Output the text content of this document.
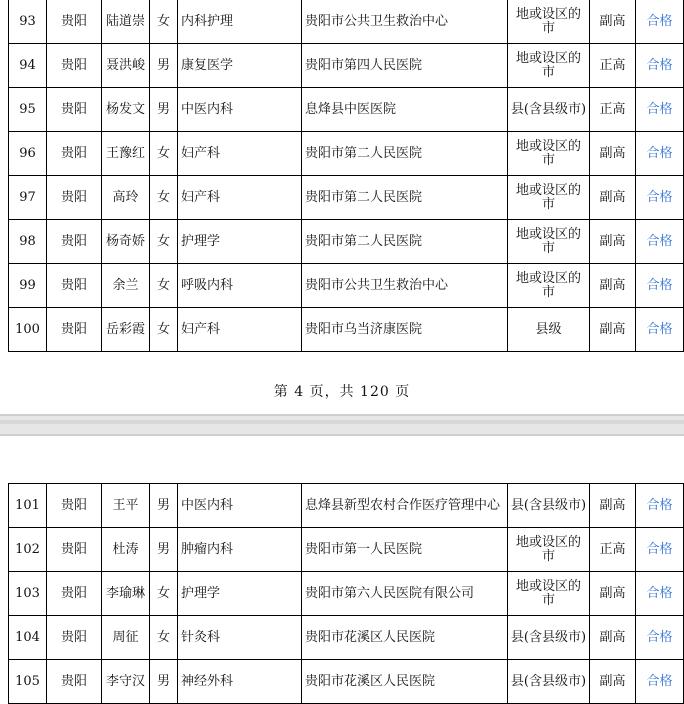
93	贵阳	陆道崇	女	内科护理	贵阳市公共卫生救治中心	地或设区的市	副高	合格
94	贵阳	聂洪峻	男	康复医学	贵阳市第四人民医院	地或设区的市	正高	合格
95	贵阳	杨发文	男	中医内科	息烽县中医医院	县(含县级市)	正高	合格
96	贵阳	王豫红	女	妇产科	贵阳市第二人民医院	地或设区的市	副高	合格
97	贵阳	高玲	女	妇产科	贵阳市第二人民医院	地或设区的市	副高	合格
98	贵阳	杨奇娇	女	护理学	贵阳市第二人民医院	地或设区的市	副高	合格
99	贵阳	余兰	女	呼吸内科	贵阳市公共卫生救治中心	地或设区的市	副高	合格
100	贵阳	岳彩霞	女	妇产科	贵阳市乌当济康医院	县级	副高	合格
第 4 页，共 120 页
101	贵阳	王平	男	中医内科	息烽县新型农村合作医疗管理中心	县(含县级市)	副高	合格
102	贵阳	杜涛	男	肿瘤内科	贵阳市第一人民医院	地或设区的市	正高	合格
103	贵阳	李瑜琳	女	护理学	贵阳市第六人民医院有限公司	地或设区的市	副高	合格
104	贵阳	周征	女	针灸科	贵阳市花溪区人民医院	县(含县级市)	副高	合格
105	贵阳	李守汉	男	神经外科	贵阳市花溪区人民医院	县(含县级市)	副高	合格
